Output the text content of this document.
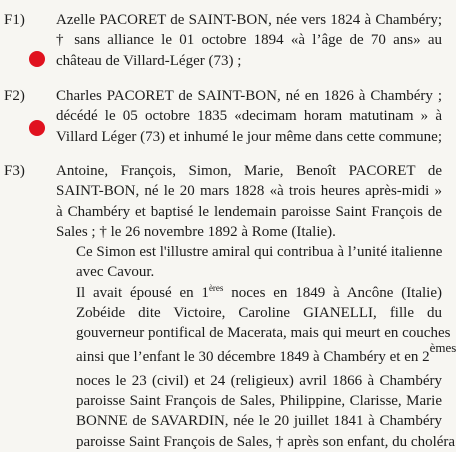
F1) Azelle PACORET de SAINT-BON, née vers 1824 à Chambéry;
† sans alliance le 01 octobre 1894 «à l’âge de 70 ans» au
château de Villard-Léger (73) ;
F2) Charles PACORET de SAINT-BON, né en 1826 à Chambéry ;
décédé le 05 octobre 1835 «decimam horam matutinam » à
Villard Léger (73) et inhumé le jour même dans cette commune;
F3) Antoine, François, Simon, Marie, Benoît PACORET de
SAINT-BON, né le 20 mars 1828 «à trois heures après-midi »
à Chambéry et baptisé le lendemain paroisse Saint François de
Sales ; † le 26 novembre 1892 à Rome (Italie).
Ce Simon est l'illustre amiral qui contribua à l’unité italienne
avec Cavour.
Il avait épousé en 1ères noces en 1849 à Ancône (Italie)
Zobéide dite Victoire, Caroline GIANELLI, fille du
gouverneur pontifical de Macerata, mais qui meurt en couches
ainsi que l’enfant le 30 décembre 1849 à Chambéry et en 2èmes
noces le 23 (civil) et 24 (religieux) avril 1866 à Chambéry
paroisse Saint François de Sales, Philippine, Clarisse, Marie
BONNE de SAVARDIN, née le 20 juillet 1841 à Chambéry
paroisse Saint François de Sales, † après son enfant, du choléra
